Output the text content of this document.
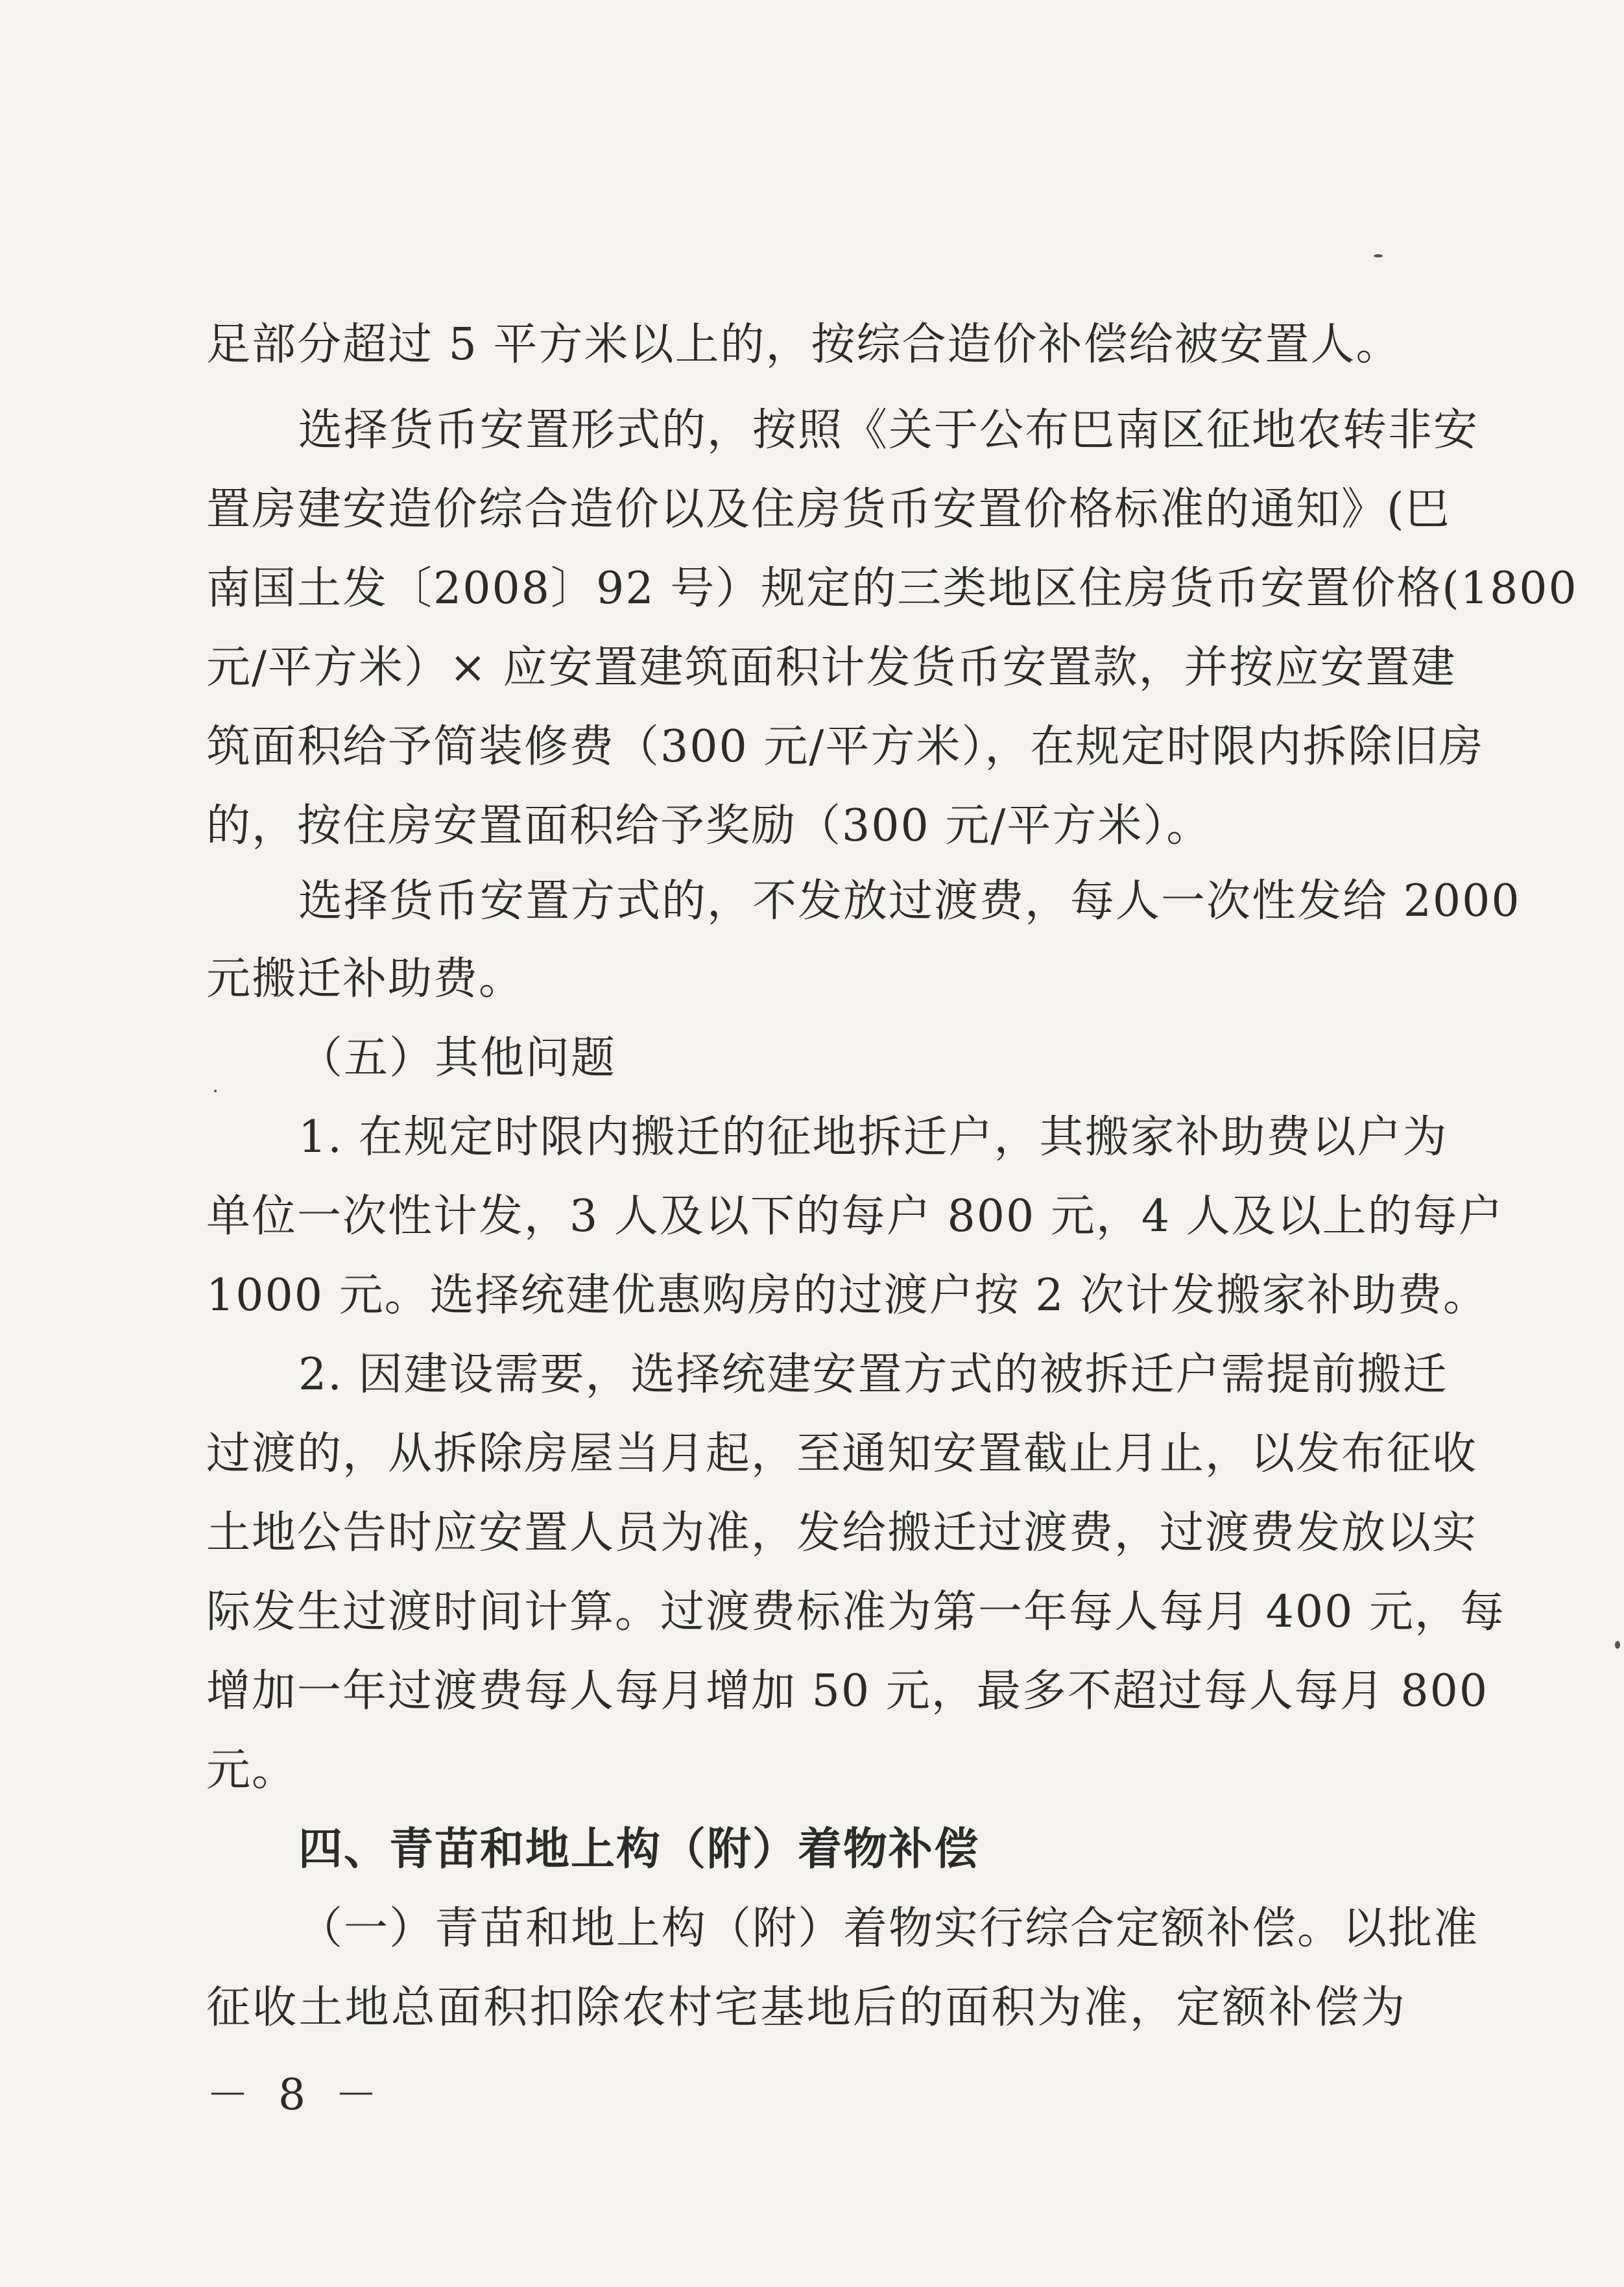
足部分超过 5 平方米以上的，按综合造价补偿给被安置人。
选择货币安置形式的，按照《关于公布巴南区征地农转非安
置房建安造价综合造价以及住房货币安置价格标准的通知》(巴
南国土发〔2008〕92 号）规定的三类地区住房货币安置价格(1800
元/平方米）× 应安置建筑面积计发货币安置款，并按应安置建
筑面积给予简装修费（300 元/平方米），在规定时限内拆除旧房
的，按住房安置面积给予奖励（300 元/平方米）。
选择货币安置方式的，不发放过渡费，每人一次性发给 2000
元搬迁补助费。
（五）其他问题
1. 在规定时限内搬迁的征地拆迁户，其搬家补助费以户为
单位一次性计发，3 人及以下的每户 800 元，4 人及以上的每户
1000 元。选择统建优惠购房的过渡户按 2 次计发搬家补助费。
2. 因建设需要，选择统建安置方式的被拆迁户需提前搬迁
过渡的，从拆除房屋当月起，至通知安置截止月止，以发布征收
土地公告时应安置人员为准，发给搬迁过渡费，过渡费发放以实
际发生过渡时间计算。过渡费标准为第一年每人每月 400 元，每
增加一年过渡费每人每月增加 50 元，最多不超过每人每月 800
元。
四、青苗和地上构（附）着物补偿
（一）青苗和地上构（附）着物实行综合定额补偿。以批准
征收土地总面积扣除农村宅基地后的面积为准，定额补偿为
－ 8 －
